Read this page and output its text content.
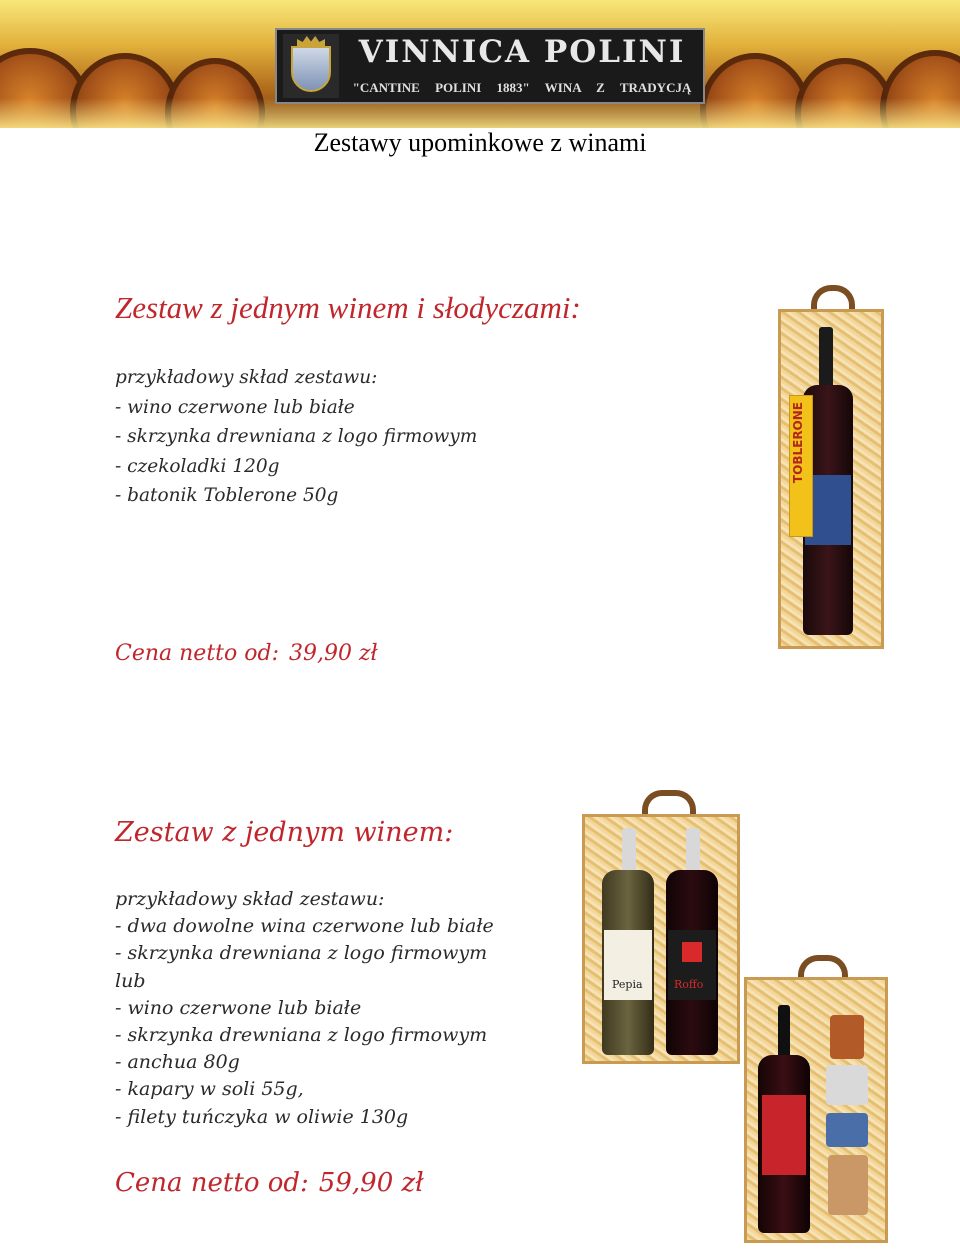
VINNICA POLINI
"CANTINE POLINI 1883" WINA Z TRADYCJĄ
Zestawy upominkowe z winami
Zestaw z jednym winem i słodyczami:
przykładowy skład zestawu:
- wino czerwone lub białe
- skrzynka drewniana z logo firmowym
- czekoladki 120g
- batonik Toblerone 50g
Cena netto od: 39,90 zł
Zestaw z jednym winem:
przykładowy skład zestawu:
- dwa dowolne wina czerwone lub białe
- skrzynka drewniana z logo firmowym
lub
- wino czerwone lub białe
- skrzynka drewniana z logo firmowym
- anchua 80g
- kapary w soli 55g,
- filety tuńczyka w oliwie 130g
Cena netto od: 59,90 zł
TOBLERONE
Pepia	Roffo
